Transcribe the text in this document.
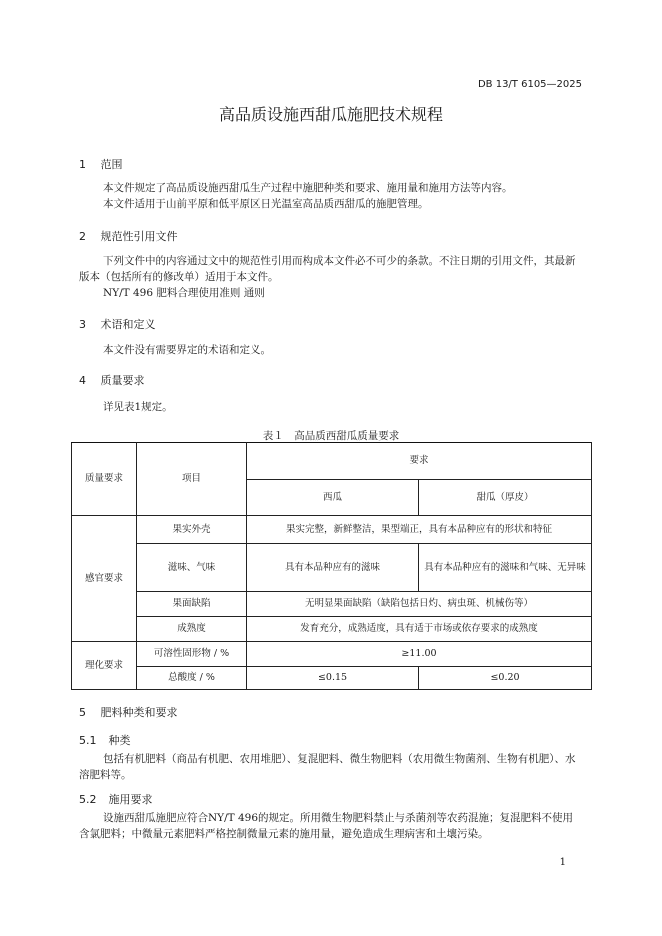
DB 13/T 6105—2025
高品质设施西甜瓜施肥技术规程
1 范围
本文件规定了高品质设施西甜瓜生产过程中施肥种类和要求、施用量和施用方法等内容。
本文件适用于山前平原和低平原区日光温室高品质西甜瓜的施肥管理。
2 规范性引用文件
下列文件中的内容通过文中的规范性引用而构成本文件必不可少的条款。不注日期的引用文件，其最新版本（包括所有的修改单）适用于本文件。
NY/T 496 肥料合理使用准则 通则
3 术语和定义
本文件没有需要界定的术语和定义。
4 质量要求
详见表1规定。
表１　高品质西甜瓜质量要求
质量要求	项目	要求	
		西瓜	甜瓜（厚皮）
感官要求	果实外壳	果实完整，新鲜整洁，果型端正，具有本品种应有的形状和特征	
	滋味、气味	具有本品种应有的滋味	具有本品种应有的滋味和气味、无异味
	果面缺陷	无明显果面缺陷（缺陷包括日灼、病虫斑、机械伤等）	
	成熟度	发育充分，成熟适度，具有适于市场或依存要求的成熟度	
理化要求	可溶性固形物 / %	≥11.00	
	总酸度 / %	≤0.15	≤0.20
5 肥料种类和要求
5.1 种类
包括有机肥料（商品有机肥、农用堆肥）、复混肥料、微生物肥料（农用微生物菌剂、生物有机肥）、水溶肥料等。
5.2 施用要求
设施西甜瓜施肥应符合NY/T 496的规定。所用微生物肥料禁止与杀菌剂等农药混施；复混肥料不使用含氯肥料；中微量元素肥料严格控制微量元素的施用量，避免造成生理病害和土壤污染。
1
